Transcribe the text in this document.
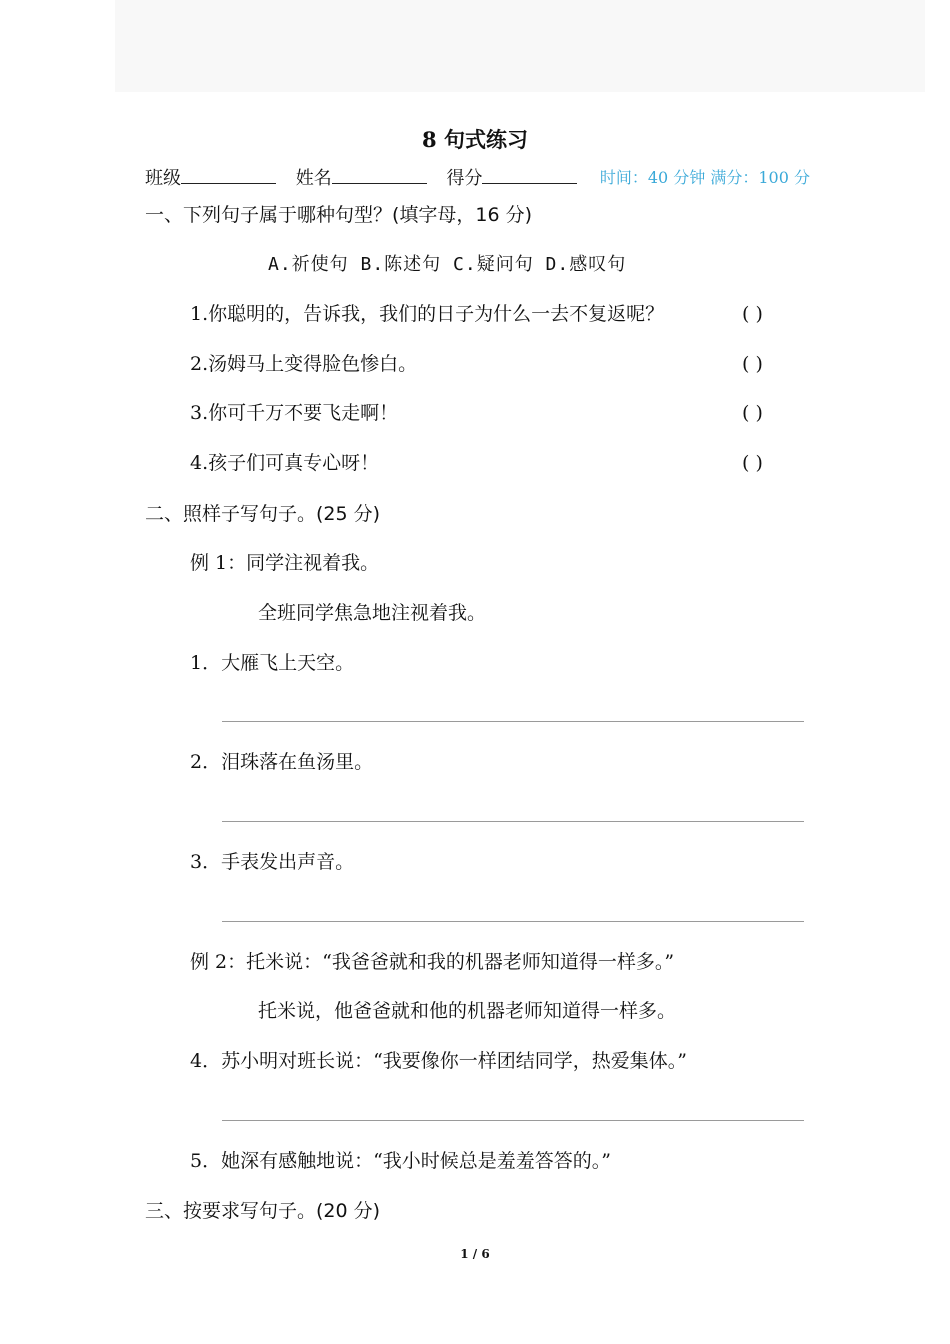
8 句式练习
班级	姓名	得分	时间：40 分钟 满分：100 分
一、下列句子属于哪种句型？(填字母，16 分)
A.祈使句 B.陈述句 C.疑问句 D.感叹句
1.你聪明的，告诉我，我们的日子为什么一去不复返呢？	( )
2.汤姆马上变得脸色惨白。	( )
3.你可千万不要飞走啊！	( )
4.孩子们可真专心呀！	( )
二、照样子写句子。(25 分)
例 1：同学注视着我。
全班同学焦急地注视着我。
1．大雁飞上天空。
2．泪珠落在鱼汤里。
3．手表发出声音。
例 2：托米说：“我爸爸就和我的机器老师知道得一样多。”
托米说，他爸爸就和他的机器老师知道得一样多。
4．苏小明对班长说：“我要像你一样团结同学，热爱集体。”
5．她深有感触地说：“我小时候总是羞羞答答的。”
三、按要求写句子。(20 分)
1 / 6
